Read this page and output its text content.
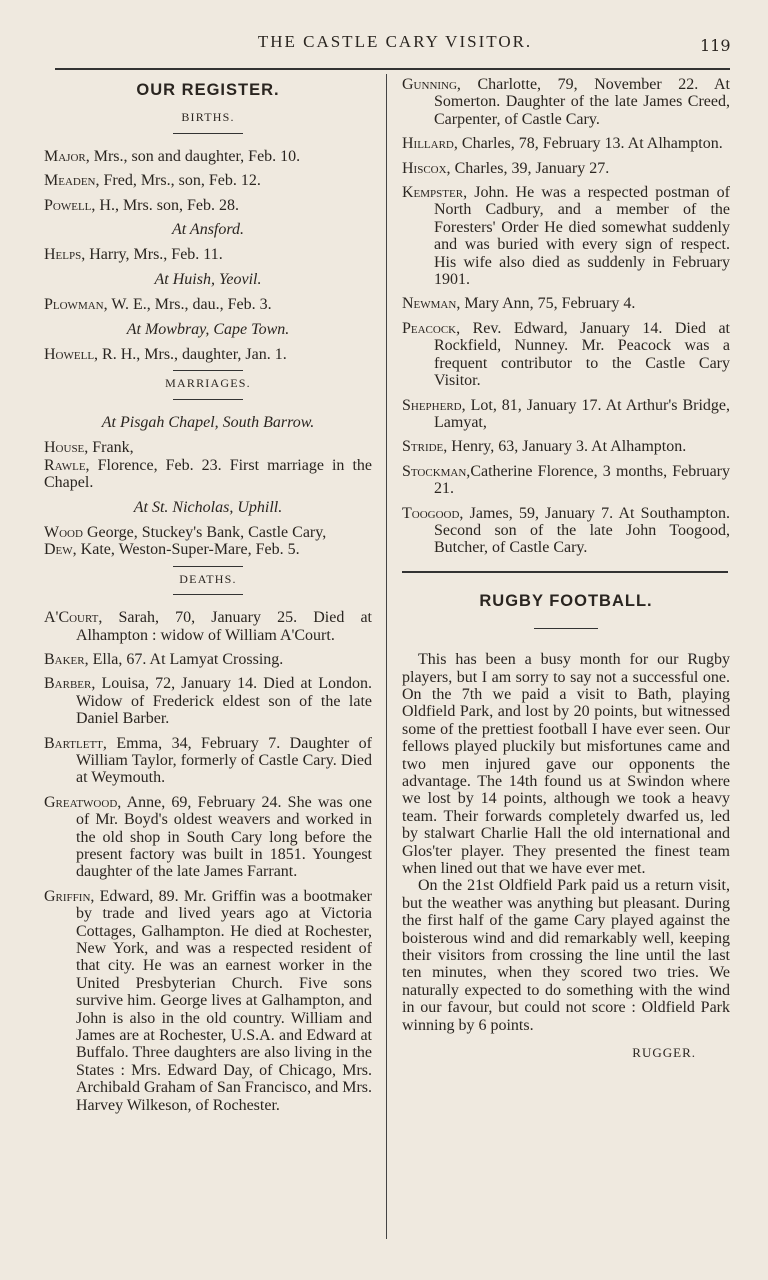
THE CASTLE CARY VISITOR.	119
OUR REGISTER.
BIRTHS.
Major, Mrs., son and daughter, Feb. 10.
Meaden, Fred, Mrs., son, Feb. 12.
Powell, H., Mrs. son, Feb. 28.
At Ansford.
Helps, Harry, Mrs., Feb. 11.
At Huish, Yeovil.
Plowman, W. E., Mrs., dau., Feb. 3.
At Mowbray, Cape Town.
Howell, R. H., Mrs., daughter, Jan. 1.
MARRIAGES.
At Pisgah Chapel, South Barrow.
House, Frank,
Rawle, Florence, Feb. 23. First marriage in the Chapel.
At St. Nicholas, Uphill.
Wood George, Stuckey's Bank, Castle Cary,
Dew, Kate, Weston-Super-Mare, Feb. 5.
DEATHS.
A'Court, Sarah, 70, January 25. Died at Alhampton : widow of William A'Court.
Baker, Ella, 67. At Lamyat Crossing.
Barber, Louisa, 72, January 14. Died at London. Widow of Frederick eldest son of the late Daniel Barber.
Bartlett, Emma, 34, February 7. Daughter of William Taylor, formerly of Castle Cary. Died at Weymouth.
Greatwood, Anne, 69, February 24. She was one of Mr. Boyd's oldest weavers and worked in the old shop in South Cary long before the present factory was built in 1851. Youngest daughter of the late James Farrant.
Griffin, Edward, 89. Mr. Griffin was a bootmaker by trade and lived years ago at Victoria Cottages, Galhampton. He died at Rochester, New York, and was a respected resident of that city. He was an earnest worker in the United Presbyterian Church. Five sons survive him. George lives at Galhampton, and John is also in the old country. William and James are at Rochester, U.S.A. and Edward at Buffalo. Three daughters are also living in the States : Mrs. Edward Day, of Chicago, Mrs. Archibald Graham of San Francisco, and Mrs. Harvey Wilkeson, of Rochester.
Gunning, Charlotte, 79, November 22. At Somerton. Daughter of the late James Creed, Carpenter, of Castle Cary.
Hillard, Charles, 78, February 13. At Alhampton.
Hiscox, Charles, 39, January 27.
Kempster, John. He was a respected postman of North Cadbury, and a member of the Foresters' Order He died somewhat suddenly and was buried with every sign of respect. His wife also died as suddenly in February 1901.
Newman, Mary Ann, 75, February 4.
Peacock, Rev. Edward, January 14. Died at Rockfield, Nunney. Mr. Peacock was a frequent contributor to the Castle Cary Visitor.
Shepherd, Lot, 81, January 17. At Arthur's Bridge, Lamyat,
Stride, Henry, 63, January 3. At Alhampton.
Stockman,Catherine Florence, 3 months, February 21.
Toogood, James, 59, January 7. At Southampton. Second son of the late John Toogood, Butcher, of Castle Cary.
RUGBY FOOTBALL.

This has been a busy month for our Rugby players, but I am sorry to say not a successful one. On the 7th we paid a visit to Bath, playing Oldfield Park, and lost by 20 points, but witnessed some of the prettiest football I have ever seen. Our fellows played pluckily but misfortunes came and two men injured gave our opponents the advantage. The 14th found us at Swindon where we lost by 14 points, although we took a heavy team. Their forwards completely dwarfed us, led by stalwart Charlie Hall the old international and Glos'ter player. They presented the finest team when lined out that we have ever met.

On the 21st Oldfield Park paid us a return visit, but the weather was anything but pleasant. During the first half of the game Cary played against the boisterous wind and did remarkably well, keeping their visitors from crossing the line until the last ten minutes, when they scored two tries. We naturally expected to do something with the wind in our favour, but could not score : Oldfield Park winning by 6 points.

RUGGER.
